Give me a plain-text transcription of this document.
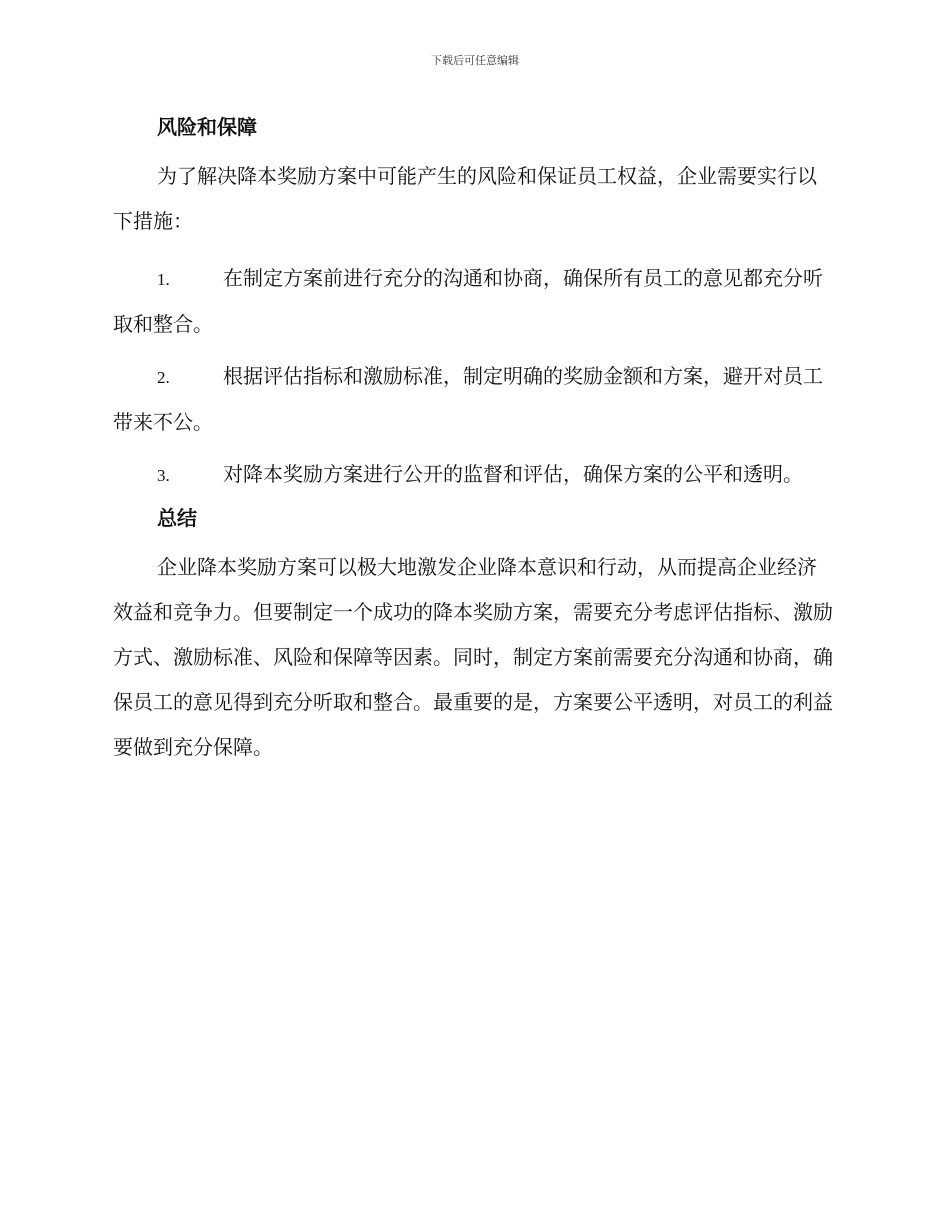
下载后可任意编辑
风险和保障

为了解决降本奖励方案中可能产生的风险和保证员工权益，企业需要实行以下措施：

1.	在制定方案前进行充分的沟通和协商，确保所有员工的意见都充分听取和整合。

2.	根据评估指标和激励标准，制定明确的奖励金额和方案，避开对员工带来不公。

3.	对降本奖励方案进行公开的监督和评估，确保方案的公平和透明。

总结

企业降本奖励方案可以极大地激发企业降本意识和行动，从而提高企业经济效益和竞争力。但要制定一个成功的降本奖励方案，需要充分考虑评估指标、激励方式、激励标准、风险和保障等因素。同时，制定方案前需要充分沟通和协商，确保员工的意见得到充分听取和整合。最重要的是，方案要公平透明，对员工的利益要做到充分保障。
